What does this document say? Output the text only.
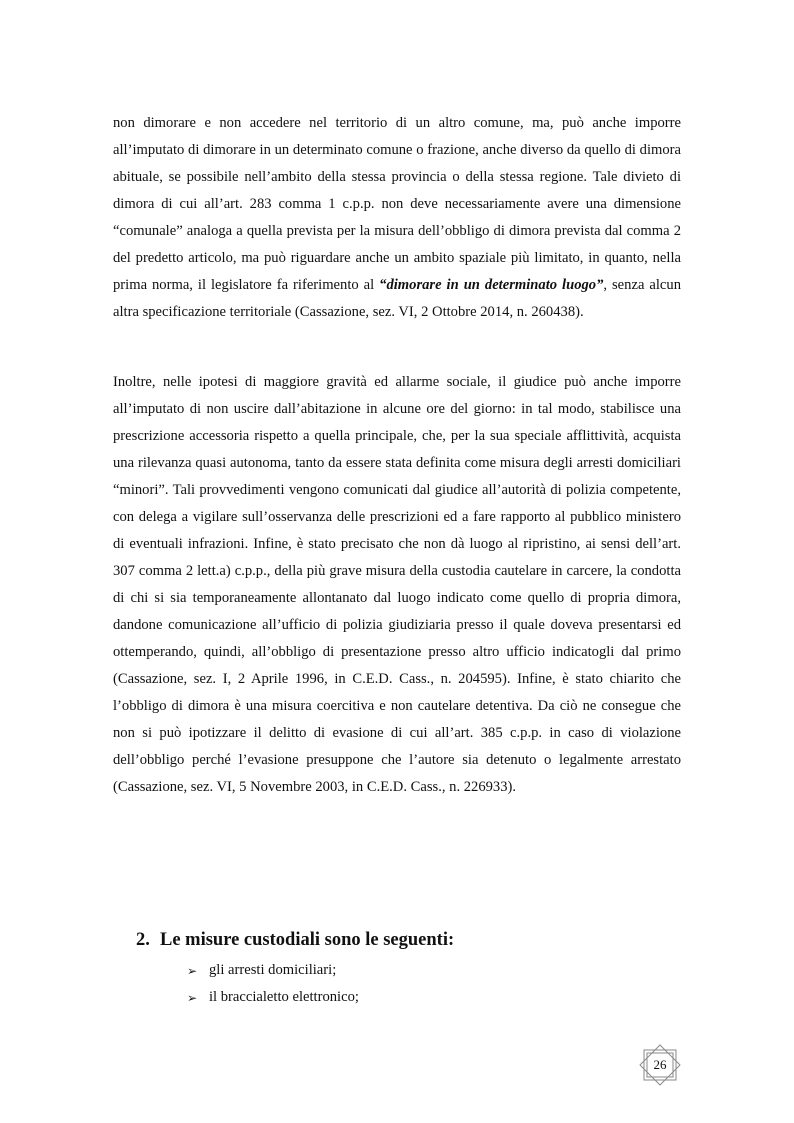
non dimorare e non accedere nel territorio di un altro comune, ma, può anche imporre all’imputato di dimorare in un determinato comune o frazione, anche diverso da quello di dimora abituale, se possibile nell’ambito della stessa provincia o della stessa regione. Tale divieto di dimora di cui all’art. 283 comma 1 c.p.p. non deve necessariamente avere una dimensione “comunale” analoga a quella prevista per la misura dell’obbligo di dimora prevista dal comma 2 del predetto articolo, ma può riguardare anche un ambito spaziale più limitato, in quanto, nella prima norma, il legislatore fa riferimento al “dimorare in un determinato luogo”, senza alcun altra specificazione territoriale (Cassazione, sez. VI, 2 Ottobre 2014, n. 260438).

Inoltre, nelle ipotesi di maggiore gravità ed allarme sociale, il giudice può anche imporre all’imputato di non uscire dall’abitazione in alcune ore del giorno: in tal modo, stabilisce una prescrizione accessoria rispetto a quella principale, che, per la sua speciale afflittività, acquista una rilevanza quasi autonoma, tanto da essere stata definita come misura degli arresti domiciliari “minori”. Tali provvedimenti vengono comunicati dal giudice all’autorità di polizia competente, con delega a vigilare sull’osservanza delle prescrizioni ed a fare rapporto al pubblico ministero di eventuali infrazioni. Infine, è stato precisato che non dà luogo al ripristino, ai sensi dell’art. 307 comma 2 lett.a) c.p.p., della più grave misura della custodia cautelare in carcere, la condotta di chi si sia temporaneamente allontanato dal luogo indicato come quello di propria dimora, dandone comunicazione all’ufficio di polizia giudiziaria presso il quale doveva presentarsi ed ottemperando, quindi, all’obbligo di presentazione presso altro ufficio indicatogli dal primo (Cassazione, sez. I, 2 Aprile 1996, in C.E.D. Cass., n. 204595). Infine, è stato chiarito che l’obbligo di dimora è una misura coercitiva e non cautelare detentiva. Da ciò ne consegue che non si può ipotizzare il delitto di evasione di cui all’art. 385 c.p.p. in caso di violazione dell’obbligo perché l’evasione presuppone che l’autore sia detenuto o legalmente arrestato (Cassazione, sez. VI, 5 Novembre 2003, in C.E.D. Cass., n. 226933).

2. Le misure custodiali sono le seguenti:
➢ gli arresti domiciliari;
➢ il braccialetto elettronico;
26
